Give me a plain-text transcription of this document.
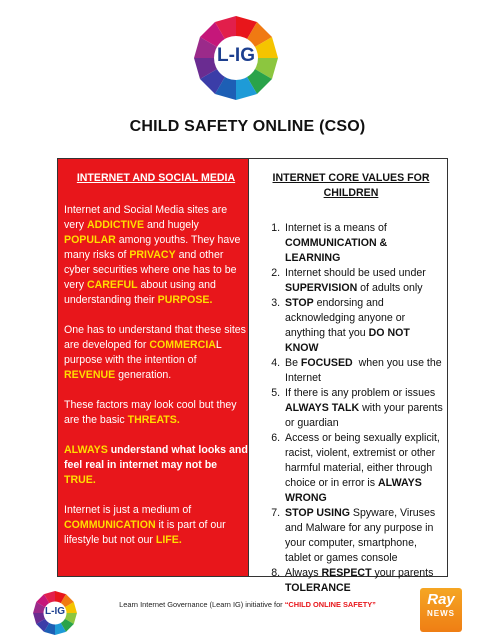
L-IG
CHILD SAFETY ONLINE (CSO)
INTERNET AND SOCIAL MEDIA

Internet and Social Media sites are very ADDICTIVE and hugely POPULAR among youths. They have many risks of PRIVACY and other cyber securities where one has to be very CAREFUL about using and understanding their PURPOSE.

One has to understand that these sites are developed for COMMERCIAL purpose with the intention of REVENUE generation.

These factors may look cool but they are the basic THREATS.

ALWAYS understand what looks and feel real in internet may not be TRUE.

Internet is just a medium of COMMUNICATION it is part of our lifestyle but not our LIFE.

INTERNET CORE VALUES FOR CHILDREN
1. Internet is a means of COMMUNICATION & LEARNING
2. Internet should be used under SUPERVISION of adults only
3. STOP endorsing and acknowledging anyone or anything that you DO NOT KNOW
4. Be FOCUSED  when you use the Internet
5. If there is any problem or issues ALWAYS TALK with your parents or guardian
6. Access or being sexually explicit, racist, violent, extremist or other harmful material, either through choice or in error is ALWAYS WRONG
7. STOP USING Spyware, Viruses and Malware for any purpose in your computer, smartphone, tablet or games console
8. Always RESPECT your parents TOLERANCE
L-IG
Learn Internet Governance (Learn IG) initiative for “CHILD ONLINE SAFETY”	Ray
NEWS
